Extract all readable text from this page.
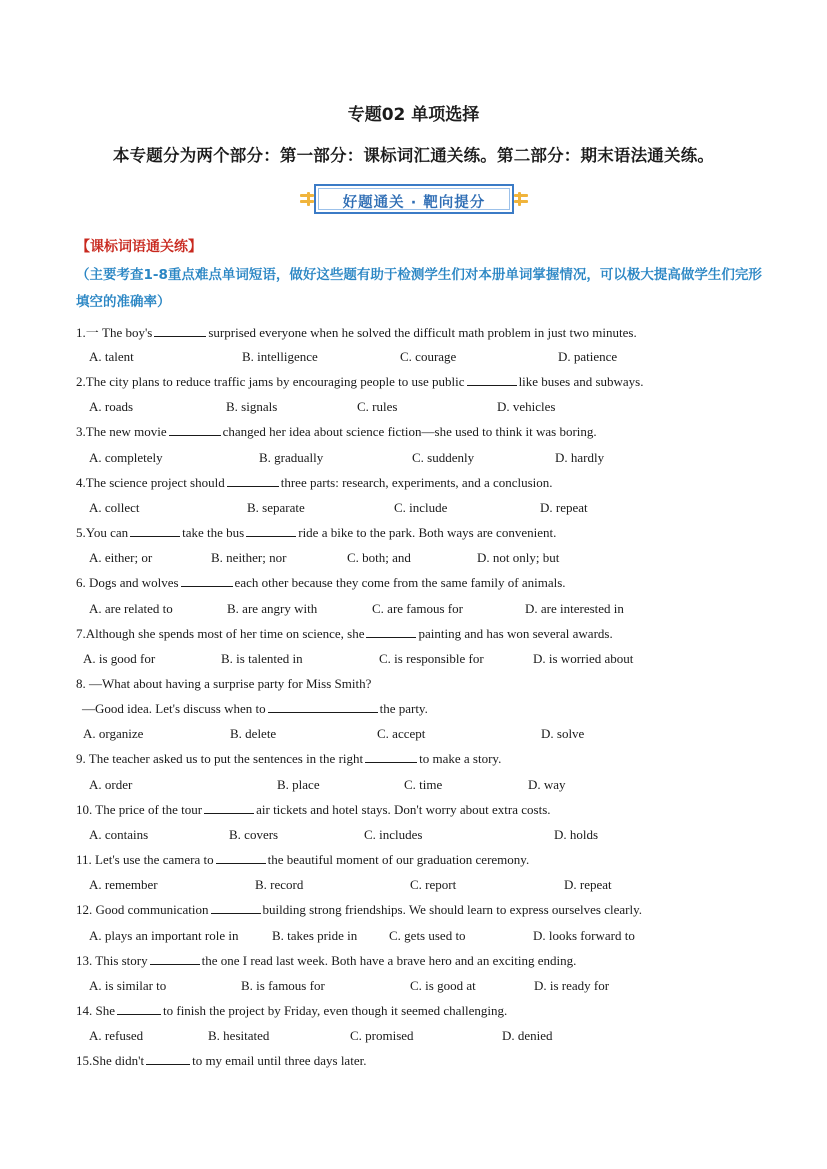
专题02 单项选择
本专题分为两个部分：第一部分：课标词汇通关练。第二部分：期末语法通关练。
好题通关 · 靶向提分
【课标词语通关练】
（主要考查1-8重点难点单词短语，做好这些题有助于检测学生们对本册单词掌握情况，可以极大提高做学生们完形填空的准确率）
1.一 The boy's	surprised everyone when he solved the difficult math problem in just two minutes.
A. talent	B. intelligence	C. courage	D. patience
2.The city plans to reduce traffic jams by encouraging people to use public	like buses and subways.
A. roads	B. signals	C. rules	D. vehicles
3.The new movie	changed her idea about science fiction—she used to think it was boring.
A. completely	B. gradually	C. suddenly	D. hardly
4.The science project should	three parts: research, experiments, and a conclusion.
A. collect	B. separate	C. include	D. repeat
5.You can	take the bus	ride a bike to the park. Both ways are convenient.
A. either; or	B. neither; nor	C. both; and	D. not only; but
6. Dogs and wolves	each other because they come from the same family of animals.
A. are related to	B. are angry with	C. are famous for	D. are interested in
7.Although she spends most of her time on science, she	painting and has won several awards.
A. is good for	B. is talented in	C. is responsible for	D. is worried about
8. —What about having a surprise party for Miss Smith?
—Good idea. Let's discuss when to	the party.
A. organize	B. delete	C. accept	D. solve
9. The teacher asked us to put the sentences in the right	to make a story.
A. order	B. place	C. time	D. way
10. The price of the tour	air tickets and hotel stays. Don't worry about extra costs.
A. contains	B. covers	C. includes	D. holds
11. Let's use the camera to	the beautiful moment of our graduation ceremony.
A. remember	B. record	C. report	D. repeat
12. Good communication	building strong friendships. We should learn to express ourselves clearly.
A. plays an important role in	B. takes pride in C. gets used to	D. looks forward to
13. This story	the one I read last week. Both have a brave hero and an exciting ending.
A. is similar to	B. is famous for	C. is good at	D. is ready for
14. She	to finish the project by Friday, even though it seemed challenging.
A. refused	B. hesitated	C. promised	D. denied
15.She didn't	to my email until three days later.
